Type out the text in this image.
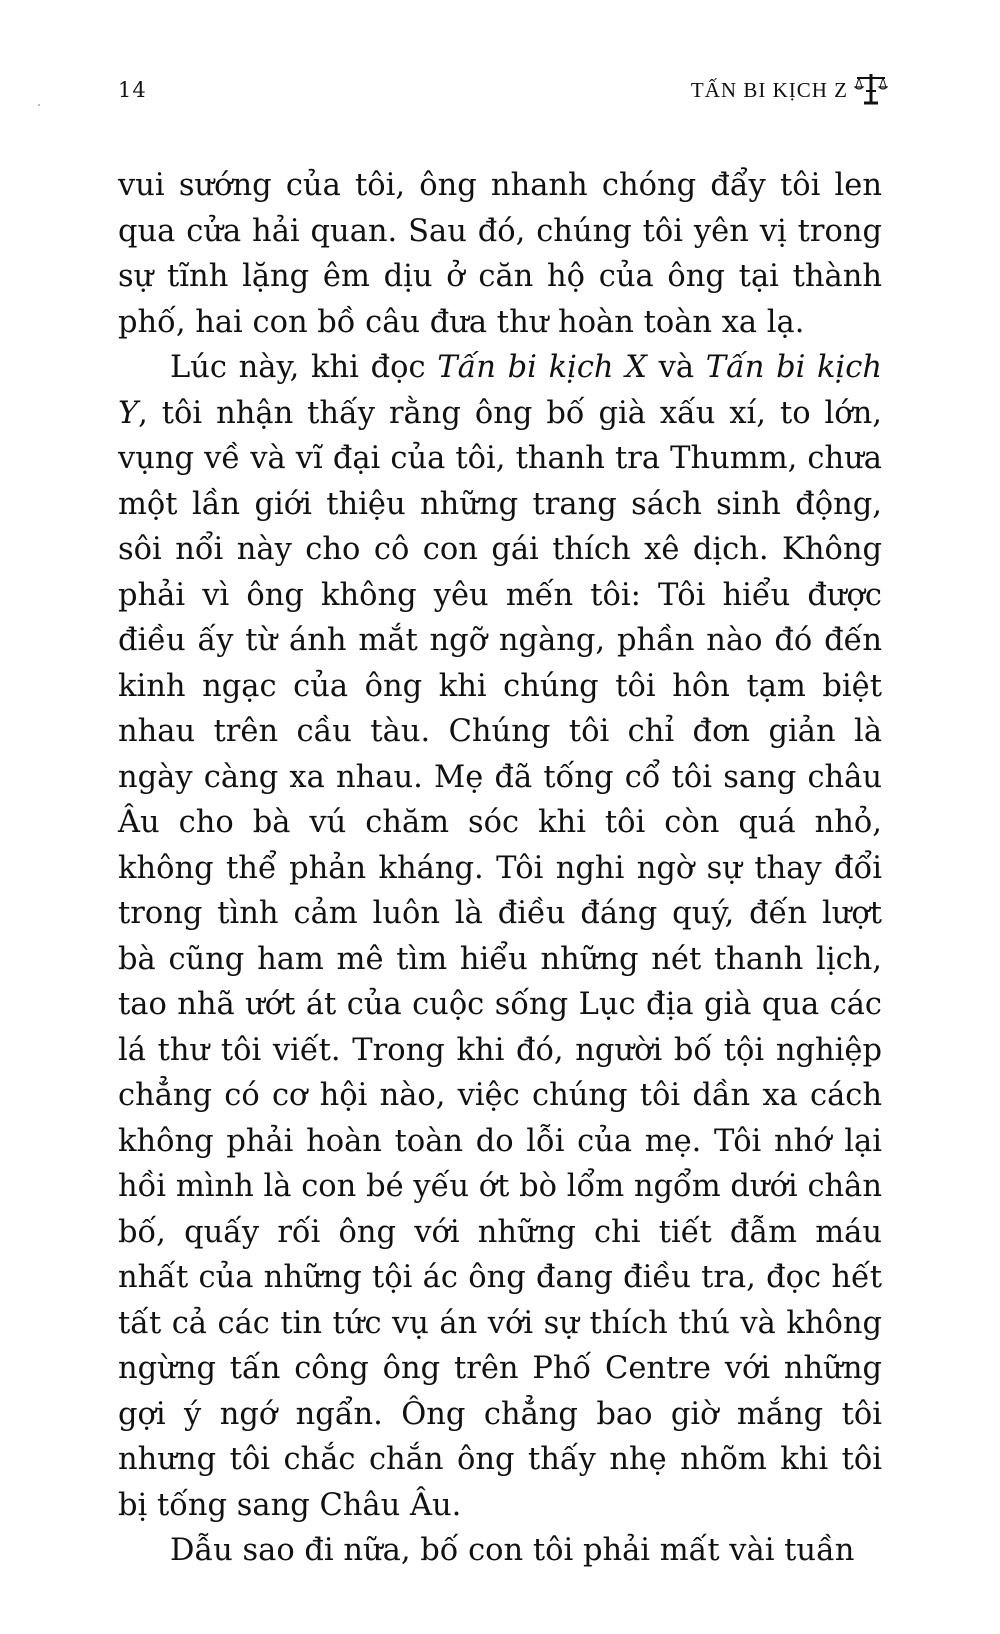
14	TẤN BI KỊCH Z

vui sướng của tôi, ông nhanh chóng đẩy tôi len qua cửa hải quan. Sau đó, chúng tôi yên vị trong sự tĩnh lặng êm dịu ở căn hộ của ông tại thành phố, hai con bồ câu đưa thư hoàn toàn xa lạ.

Lúc này, khi đọc Tấn bi kịch X và Tấn bi kịch Y, tôi nhận thấy rằng ông bố già xấu xí, to lớn, vụng về và vĩ đại của tôi, thanh tra Thumm, chưa một lần giới thiệu những trang sách sinh động, sôi nổi này cho cô con gái thích xê dịch. Không phải vì ông không yêu mến tôi: Tôi hiểu được điều ấy từ ánh mắt ngỡ ngàng, phần nào đó đến kinh ngạc của ông khi chúng tôi hôn tạm biệt nhau trên cầu tàu. Chúng tôi chỉ đơn giản là ngày càng xa nhau. Mẹ đã tống cổ tôi sang châu Âu cho bà vú chăm sóc khi tôi còn quá nhỏ, không thể phản kháng. Tôi nghi ngờ sự thay đổi trong tình cảm luôn là điều đáng quý, đến lượt bà cũng ham mê tìm hiểu những nét thanh lịch, tao nhã ướt át của cuộc sống Lục địa già qua các lá thư tôi viết. Trong khi đó, người bố tội nghiệp chẳng có cơ hội nào, việc chúng tôi dần xa cách không phải hoàn toàn do lỗi của mẹ. Tôi nhớ lại hồi mình là con bé yếu ớt bò lổm ngổm dưới chân bố, quấy rối ông với những chi tiết đẫm máu nhất của những tội ác ông đang điều tra, đọc hết tất cả các tin tức vụ án với sự thích thú và không ngừng tấn công ông trên Phố Centre với những gợi ý ngớ ngẩn. Ông chẳng bao giờ mắng tôi nhưng tôi chắc chắn ông thấy nhẹ nhõm khi tôi bị tống sang Châu Âu.

Dẫu sao đi nữa, bố con tôi phải mất vài tuần
